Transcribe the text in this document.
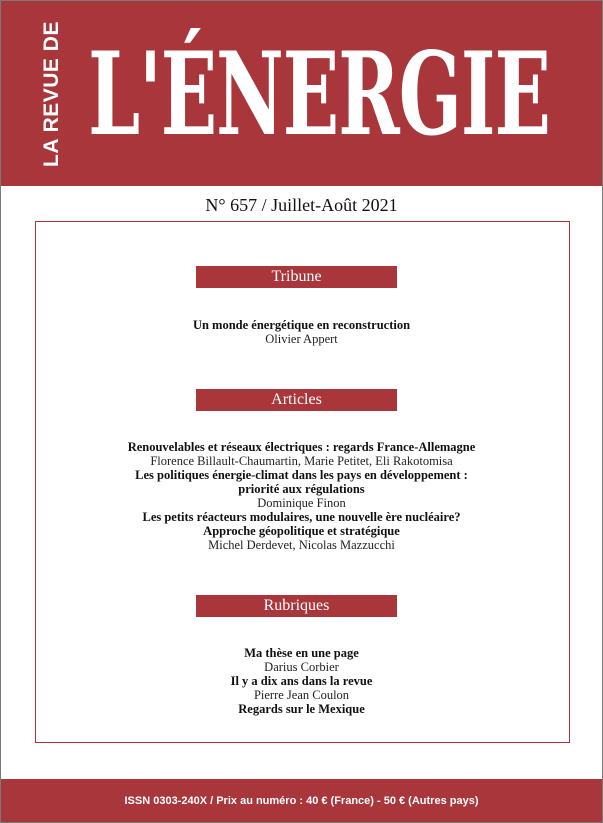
LA REVUE DE L'ÉNERGIE
N° 657 / Juillet-Août 2021
Tribune
Un monde énergétique en reconstruction
Olivier Appert
Articles
Renouvelables et réseaux électriques : regards France-Allemagne
Florence Billault-Chaumartin, Marie Petitet, Eli Rakotomisa
Les politiques énergie-climat dans les pays en développement :
priorité aux régulations
Dominique Finon
Les petits réacteurs modulaires, une nouvelle ère nucléaire?
Approche géopolitique et stratégique
Michel Derdevet, Nicolas Mazzucchi
Rubriques
Ma thèse en une page
Darius Corbier
Il y a dix ans dans la revue
Pierre Jean Coulon
Regards sur le Mexique
ISSN 0303-240X / Prix au numéro : 40 € (France) - 50 € (Autres pays)
